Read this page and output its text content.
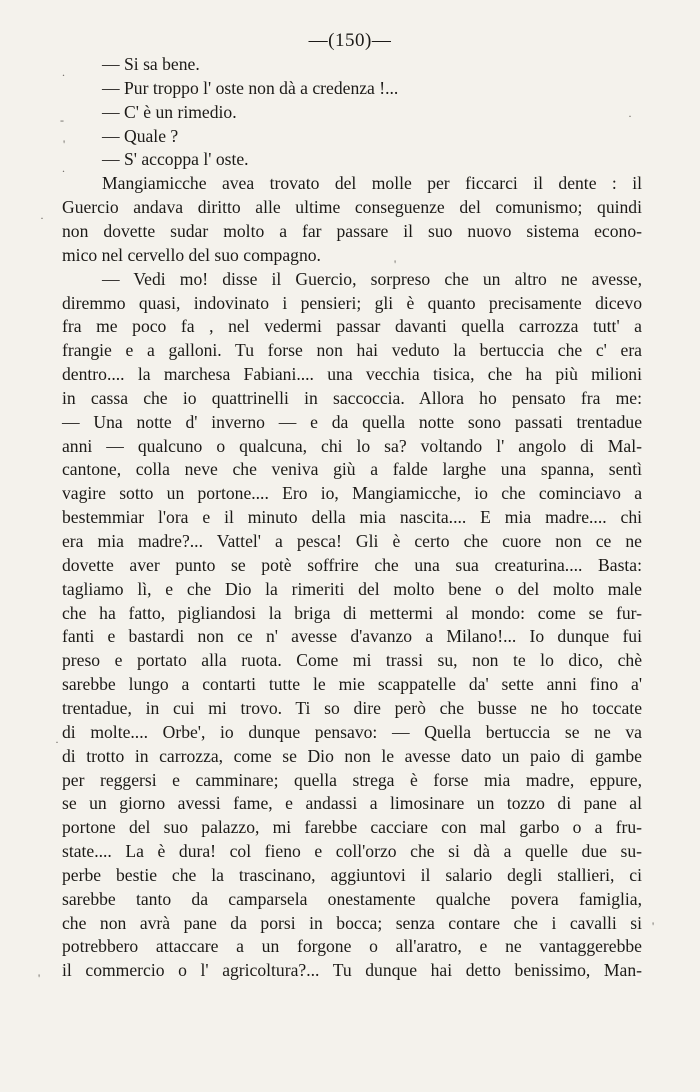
—(150)—
— Si sa bene.
— Pur troppo l' oste non dà a credenza !...
— C' è un rimedio.
— Quale ?
— S' accoppa l' oste.
Mangiamicche avea trovato del molle per ficcarci il dente : il
Guercio andava diritto alle ultime conseguenze del comunismo; quindi
non dovette sudar molto a far passare il suo nuovo sistema econo-
mico nel cervello del suo compagno.
— Vedi mo! disse il Guercio, sorpreso che un altro ne avesse,
diremmo quasi, indovinato i pensieri; gli è quanto precisamente dicevo
fra me poco fa , nel vedermi passar davanti quella carrozza tutt' a
frangie e a galloni. Tu forse non hai veduto la bertuccia che c' era
dentro.... la marchesa Fabiani.... una vecchia tisica, che ha più milioni
in cassa che io quattrinelli in saccoccia. Allora ho pensato fra me:
— Una notte d' inverno — e da quella notte sono passati trentadue
anni — qualcuno o qualcuna, chi lo sa? voltando l' angolo di Mal-
cantone, colla neve che veniva giù a falde larghe una spanna, sentì
vagire sotto un portone.... Ero io, Mangiamicche, io che cominciavo a
bestemmiar l'ora e il minuto della mia nascita.... E mia madre.... chi
era mia madre?... Vattel' a pesca! Gli è certo che cuore non ce ne
dovette aver punto se potè soffrire che una sua creaturina.... Basta:
tagliamo lì, e che Dio la rimeriti del molto bene o del molto male
che ha fatto, pigliandosi la briga di mettermi al mondo: come se fur-
fanti e bastardi non ce n' avesse d'avanzo a Milano!... Io dunque fui
preso e portato alla ruota. Come mi trassi su, non te lo dico, chè
sarebbe lungo a contarti tutte le mie scappatelle da' sette anni fino a'
trentadue, in cui mi trovo. Ti so dire però che busse ne ho toccate
di molte.... Orbe', io dunque pensavo: — Quella bertuccia se ne va
di trotto in carrozza, come se Dio non le avesse dato un paio di gambe
per reggersi e camminare; quella strega è forse mia madre, eppure,
se un giorno avessi fame, e andassi a limosinare un tozzo di pane al
portone del suo palazzo, mi farebbe cacciare con mal garbo o a fru-
state.... La è dura! col fieno e coll'orzo che si dà a quelle due su-
perbe bestie che la trascinano, aggiuntovi il salario degli stallieri, ci
sarebbe tanto da camparsela onestamente qualche povera famiglia,
che non avrà pane da porsi in bocca; senza contare che i cavalli si
potrebbero attaccare a un forgone o all'aratro, e ne vantaggerebbe
il commercio o l' agricoltura?... Tu dunque hai detto benissimo, Man-
.
-
'
·
.
·
'
·
'
'
